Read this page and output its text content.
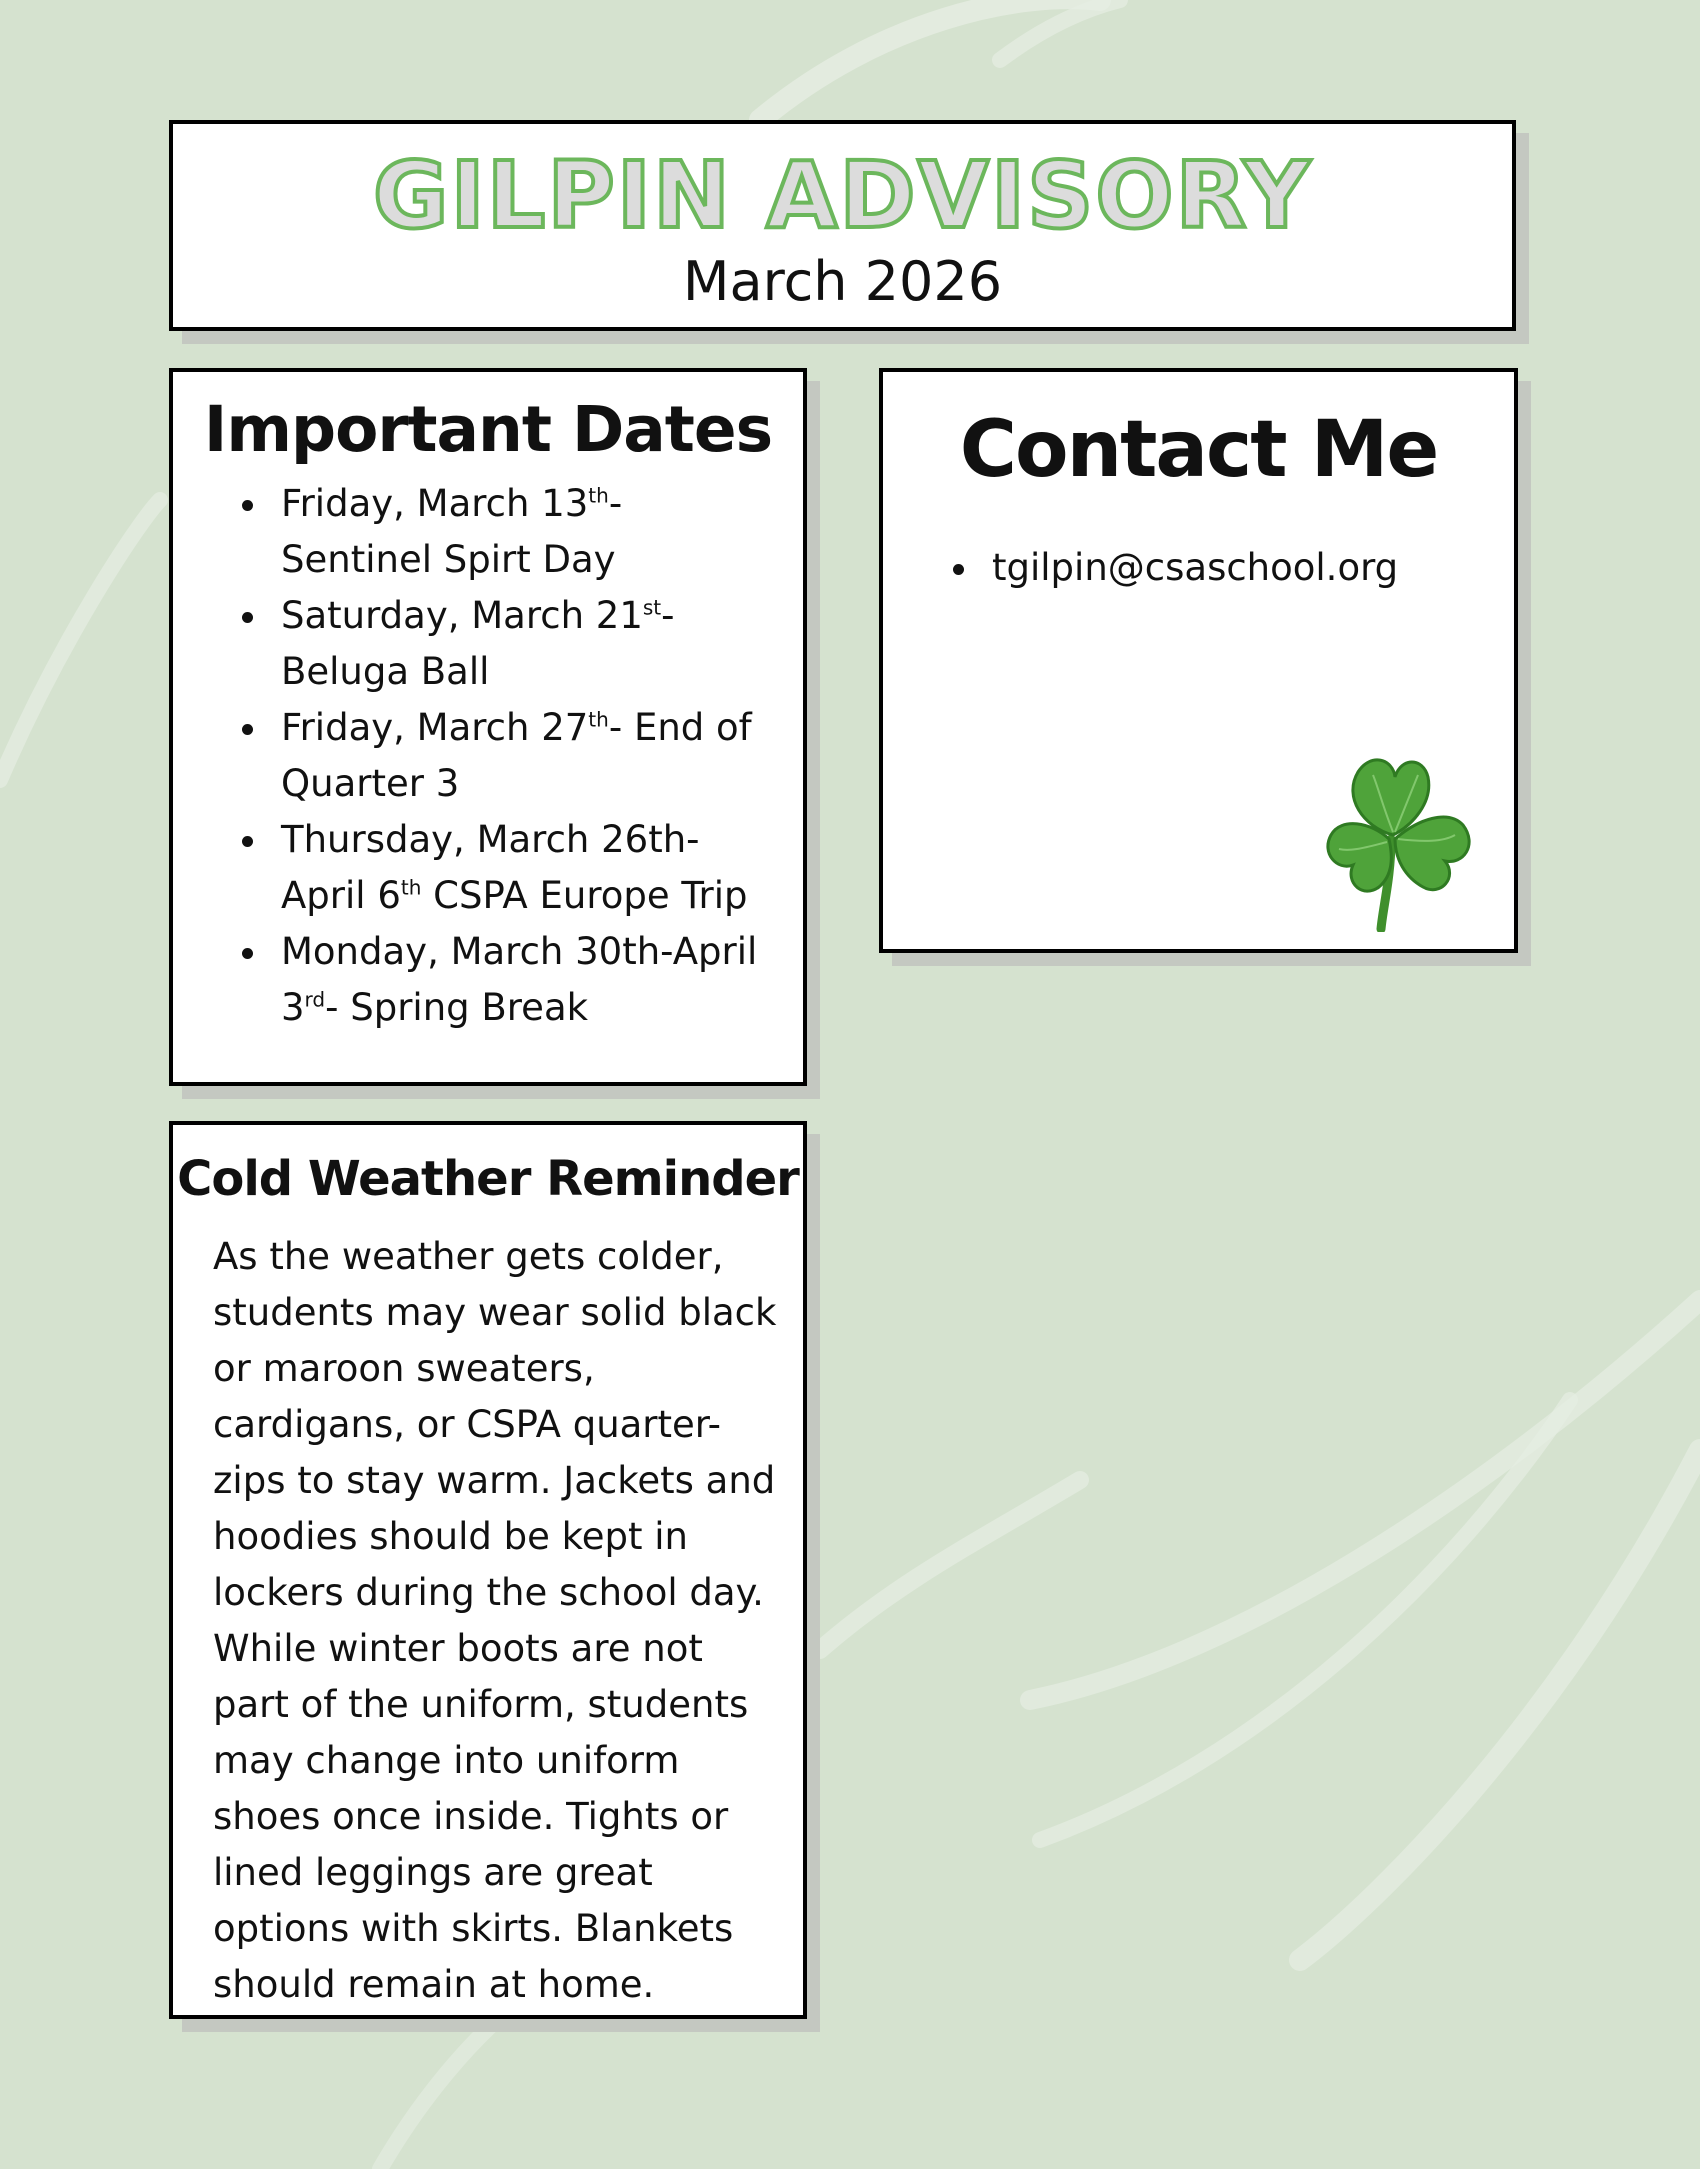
GILPIN ADVISORY
March 2026
Important Dates
Friday, March 13th- Sentinel Spirt Day
Saturday, March 21st- Beluga Ball
Friday, March 27th- End of Quarter 3
Thursday, March 26th-April 6th CSPA Europe Trip
Monday, March 30th-April 3rd- Spring Break
Contact Me
tgilpin@csaschool.org
Cold Weather Reminder
As the weather gets colder, students may wear solid black or maroon sweaters, cardigans, or CSPA quarter-zips to stay warm. Jackets and hoodies should be kept in lockers during the school day. While winter boots are not part of the uniform, students may change into uniform shoes once inside. Tights or lined leggings are great options with skirts. Blankets should remain at home.
